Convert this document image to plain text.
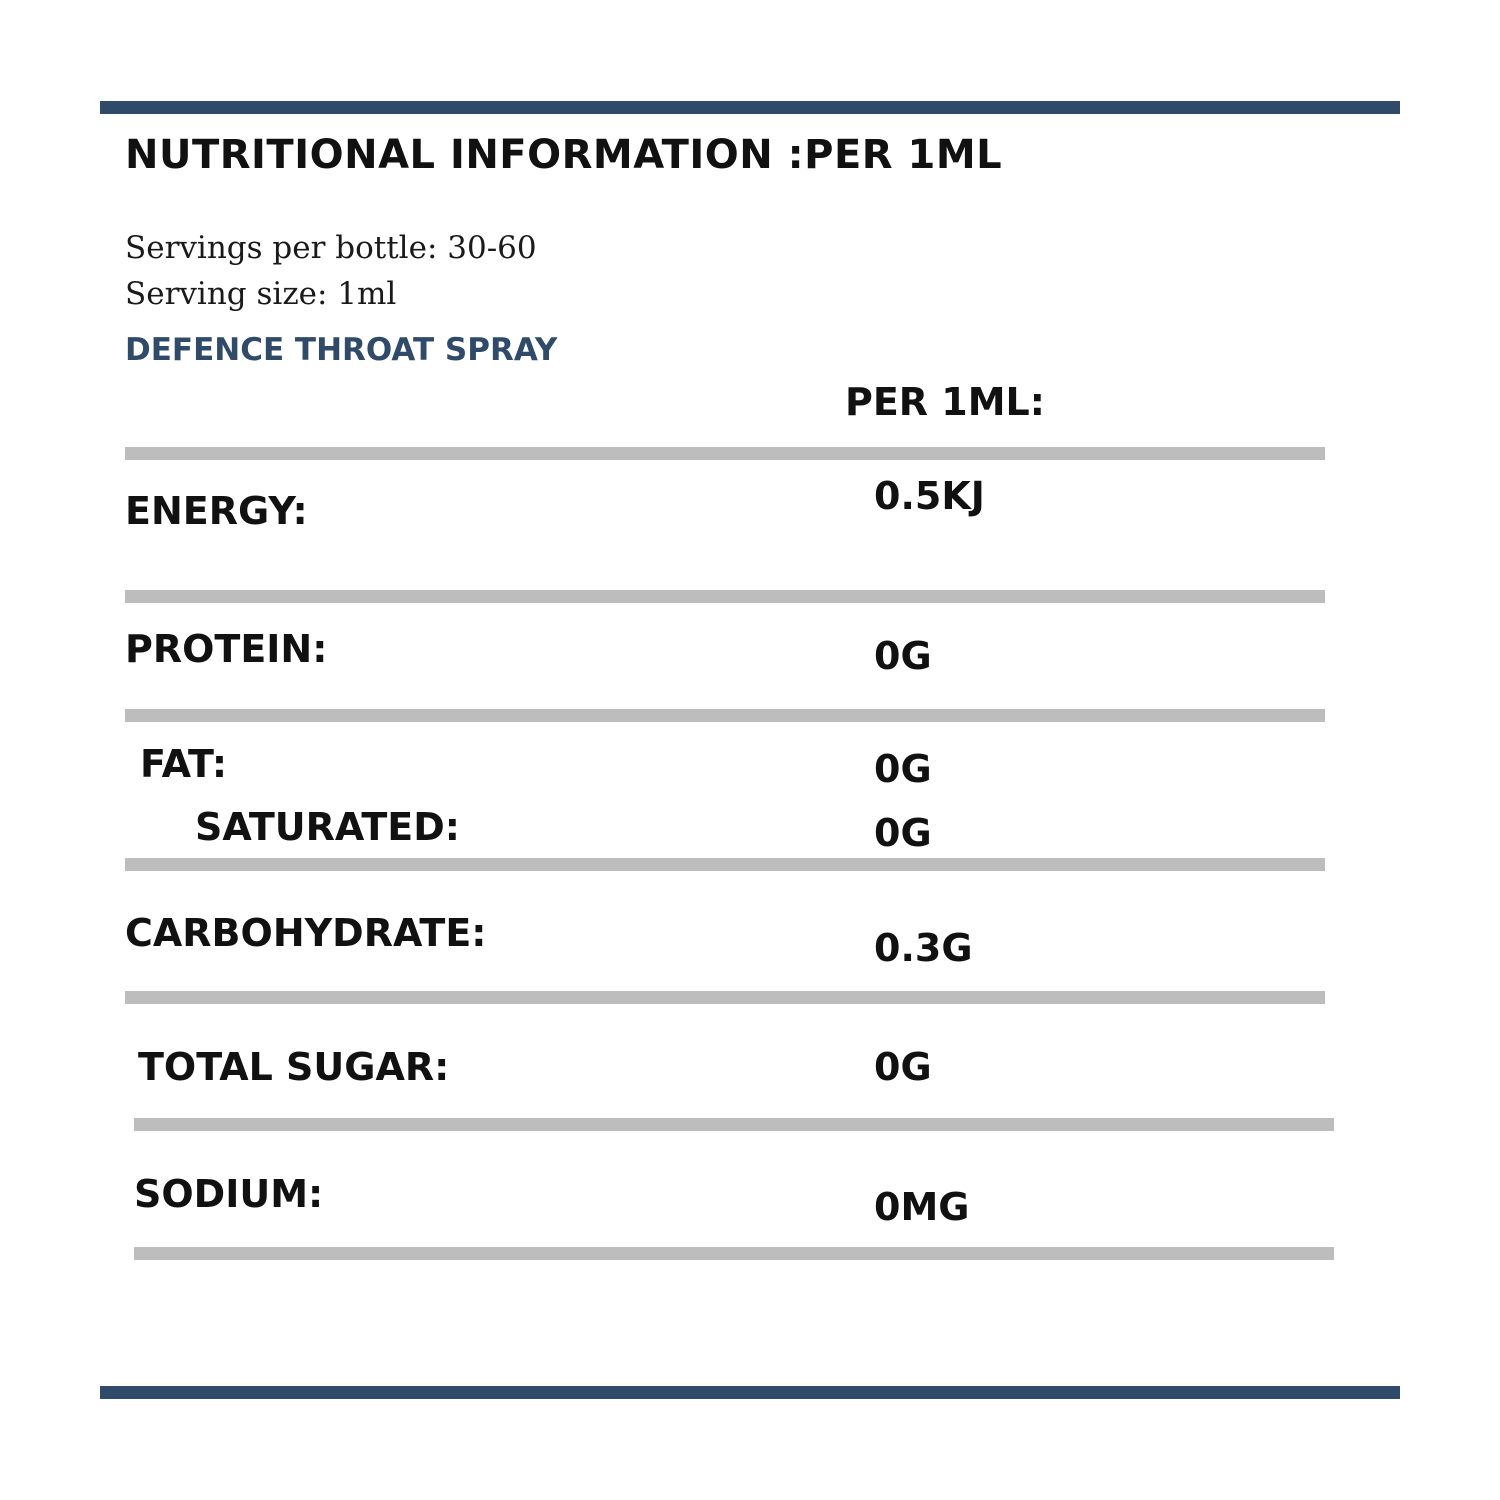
NUTRITIONAL INFORMATION :PER 1ML
Servings per bottle: 30-60
Serving size: 1ml
DEFENCE THROAT SPRAY
PER 1ML:
ENERGY:	0.5KJ
PROTEIN:	0G
FAT:	0G
SATURATED:	0G
CARBOHYDRATE:	0.3G
TOTAL SUGAR:	0G
SODIUM:	0MG
